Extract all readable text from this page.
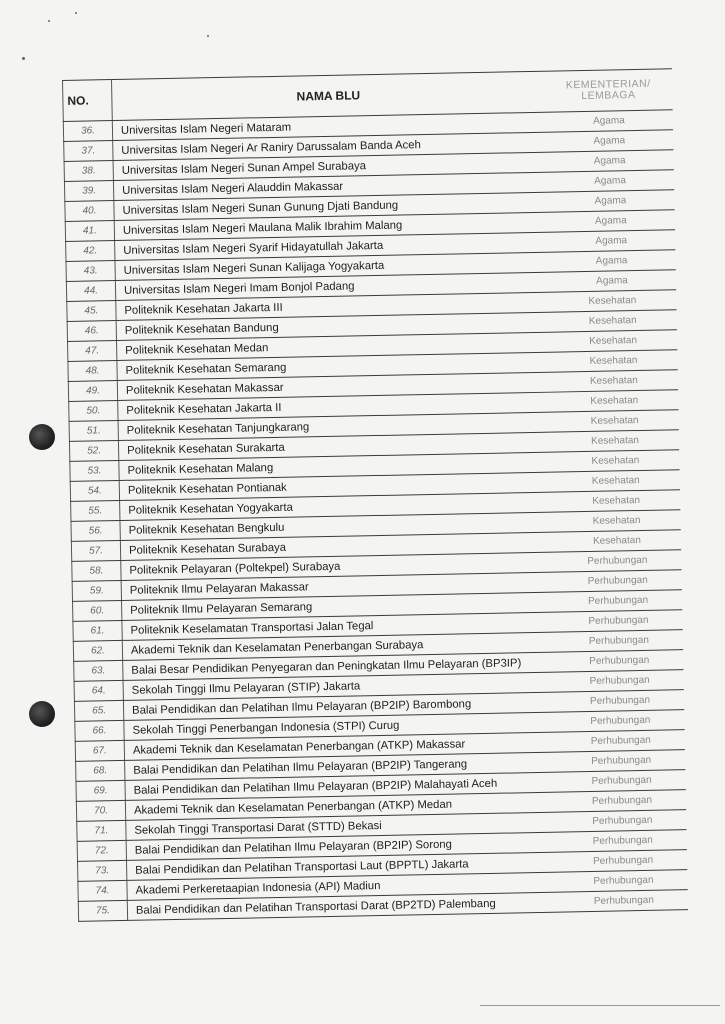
NO.	NAMA BLU	KEMENTERIAN/
LEMBAGA

36.	Universitas Islam Negeri Mataram	Agama
37.	Universitas Islam Negeri Ar Raniry Darussalam Banda Aceh	Agama
38.	Universitas Islam Negeri Sunan Ampel Surabaya	Agama
39.	Universitas Islam Negeri Alauddin Makassar	Agama
40.	Universitas Islam Negeri Sunan Gunung Djati Bandung	Agama
41.	Universitas Islam Negeri Maulana Malik Ibrahim Malang	Agama
42.	Universitas Islam Negeri Syarif Hidayatullah Jakarta	Agama
43.	Universitas Islam Negeri Sunan Kalijaga Yogyakarta	Agama
44.	Universitas Islam Negeri Imam Bonjol Padang	Agama
45.	Politeknik Kesehatan Jakarta III	Kesehatan
46.	Politeknik Kesehatan Bandung	Kesehatan
47.	Politeknik Kesehatan Medan	Kesehatan
48.	Politeknik Kesehatan Semarang	Kesehatan
49.	Politeknik Kesehatan Makassar	Kesehatan
50.	Politeknik Kesehatan Jakarta II	Kesehatan
51.	Politeknik Kesehatan Tanjungkarang	Kesehatan
52.	Politeknik Kesehatan Surakarta	Kesehatan
53.	Politeknik Kesehatan Malang	Kesehatan
54.	Politeknik Kesehatan Pontianak	Kesehatan
55.	Politeknik Kesehatan Yogyakarta	Kesehatan
56.	Politeknik Kesehatan Bengkulu	Kesehatan
57.	Politeknik Kesehatan Surabaya	Kesehatan
58.	Politeknik Pelayaran (Poltekpel) Surabaya	Perhubungan
59.	Politeknik Ilmu Pelayaran Makassar	Perhubungan
60.	Politeknik Ilmu Pelayaran Semarang	Perhubungan
61.	Politeknik Keselamatan Transportasi Jalan Tegal	Perhubungan
62.	Akademi Teknik dan Keselamatan Penerbangan Surabaya	Perhubungan
63.	Balai Besar Pendidikan Penyegaran dan Peningkatan Ilmu Pelayaran (BP3IP)	Perhubungan
64.	Sekolah Tinggi Ilmu Pelayaran (STIP) Jakarta	Perhubungan
65.	Balai Pendidikan dan Pelatihan Ilmu Pelayaran (BP2IP) Barombong	Perhubungan
66.	Sekolah Tinggi Penerbangan Indonesia (STPI) Curug	Perhubungan
67.	Akademi Teknik dan Keselamatan Penerbangan (ATKP) Makassar	Perhubungan
68.	Balai Pendidikan dan Pelatihan Ilmu Pelayaran (BP2IP) Tangerang	Perhubungan
69.	Balai Pendidikan dan Pelatihan Ilmu Pelayaran (BP2IP) Malahayati Aceh	Perhubungan
70.	Akademi Teknik dan Keselamatan Penerbangan (ATKP) Medan	Perhubungan
71.	Sekolah Tinggi Transportasi Darat (STTD) Bekasi	Perhubungan
72.	Balai Pendidikan dan Pelatihan Ilmu Pelayaran (BP2IP) Sorong	Perhubungan
73.	Balai Pendidikan dan Pelatihan Transportasi Laut (BPPTL) Jakarta	Perhubungan
74.	Akademi Perkeretaapian Indonesia (API) Madiun	Perhubungan
75.	Balai Pendidikan dan Pelatihan Transportasi Darat (BP2TD) Palembang	Perhubungan
